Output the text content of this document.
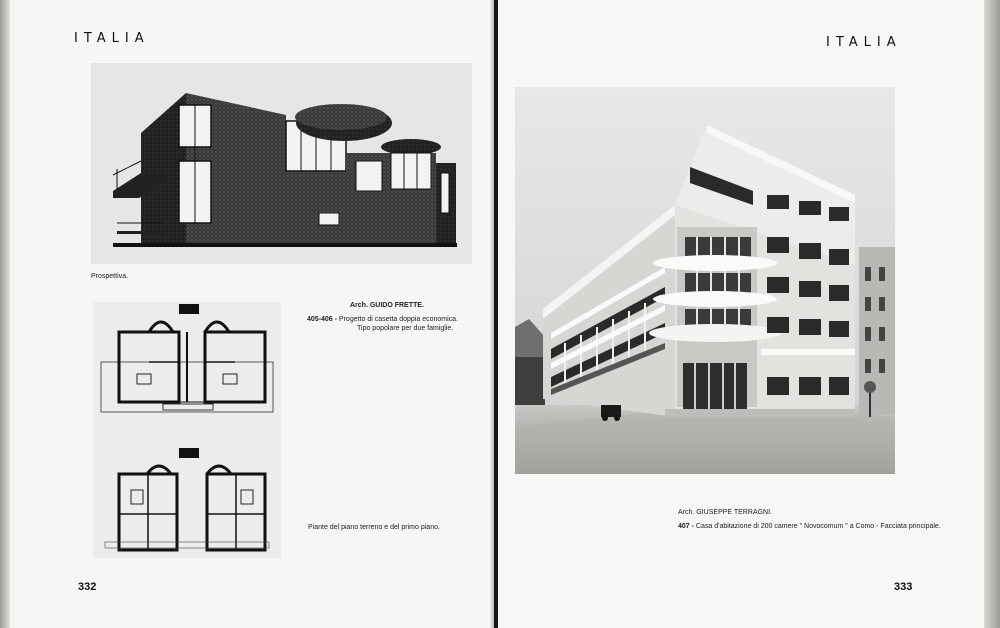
ITALIA
Prospettiva.
Arch. GUIDO FRETTE.
405-406 - Progetto di casetta doppia economica.
Tipo popolare per due famiglie.
Piante del piano terreno e del primo piano.
332
ITALIA
Arch. GIUSEPPE TERRAGNI.
407 - Casa d'abitazione di 200 camere " Novocomum " a Como - Facciata principale.
333
